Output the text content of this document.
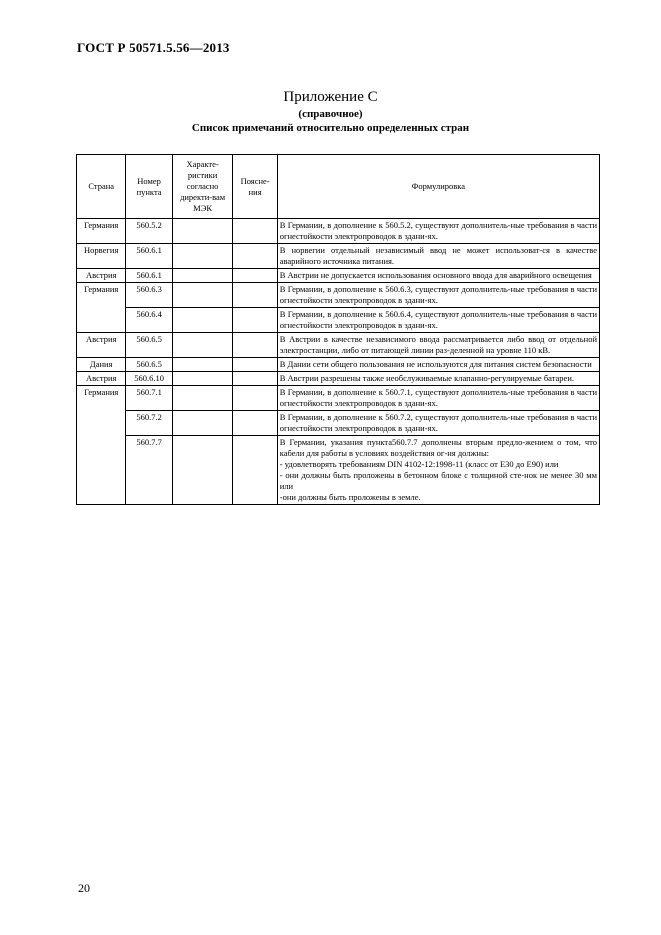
ГОСТ Р 50571.5.56—2013
Приложение С
(справочное)
Список примечаний относительно определенных стран
Страна	Номер пункта	Характе-ристики согласно директи-вам МЭК	Поясне-ния	Формулировка
Германия	560.5.2			В Германии, в дополнение к 560.5.2, существуют дополнитель-ные требования в части огнестойкости электропроводок в здани-ях.
Норвегия	560.6.1			В норвегии отдельный независимый ввод не может использоват-ся в качестве аварийного источника питания.
Австрия	560.6.1			В Австрии не допускается использования основного ввода для аварийного освещения
Германия	560.6.3			В Германии, в дополнение к 560.6.3, существуют дополнитель-ные требования в части огнестойкости электропроводок в здани-ях.
	560.6.4			В Германии, в дополнение к 560.6.4, существуют дополнитель-ные требования в части огнестойкости электропроводок в здани-ях.
Австрия	560.6.5			В Австрии в качестве независимого ввода рассматривается либо ввод от отдельной электростанции, либо от питающей линии раз-деленной на уровне 110 кВ.
Дания	560.6.5			В Дании сети общего пользования не используются для питания систем безопасности
Австрия	560.6.10			В Австрии разрешены также необслуживаемые клапанно-регулируемые батареи.
Германия	560.7.1			В Германии, в дополнение к 560.7.1, существуют дополнитель-ные требования в части огнестойкости электропроводок в здани-ях.
	560.7.2			В Германии, в дополнение к 560.7.2, существуют дополнитель-ные требования в части огнестойкости электропроводок в здани-ях.
	560.7.7			В Германии, указания пункта560.7.7 дополнены вторым предло-жением о том, что кабели для работы в условиях воздействия ог-ня должны:
- удовлетворять требованиям DIN 4102-12:1998-11 (класс от E30 до E90) или
- они должны быть проложены в бетонном блоке с толщиной сте-нок не менее 30 мм или
-они должны быть проложены в земле.
20
